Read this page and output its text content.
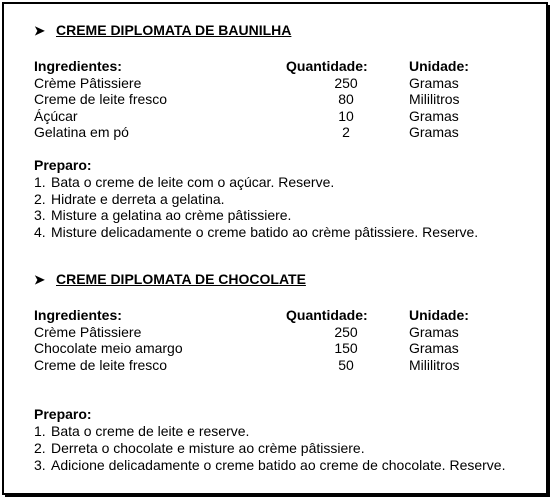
➤ CREME DIPLOMATA DE BAUNILHA
Ingredientes:	Quantidade:	Unidade:
Crème Pâtissiere	250	Gramas
Creme de leite fresco	80	Mililitros
Áçúcar	10	Gramas
Gelatina em pó	2	Gramas
Preparo:
1. Bata o creme de leite com o açúcar. Reserve.
2. Hidrate e derreta a gelatina.
3. Misture a gelatina ao crème pâtissiere.
4. Misture delicadamente o creme batido ao crème pâtissiere. Reserve.
➤ CREME DIPLOMATA DE CHOCOLATE
Ingredientes:	Quantidade:	Unidade:
Crème Pâtissiere	250	Gramas
Chocolate meio amargo	150	Gramas
Creme de leite fresco	50	Mililitros
Preparo:
1. Bata o creme de leite e reserve.
2. Derreta o chocolate e misture ao crème pâtissiere.
3. Adicione delicadamente o creme batido ao creme de chocolate. Reserve.
